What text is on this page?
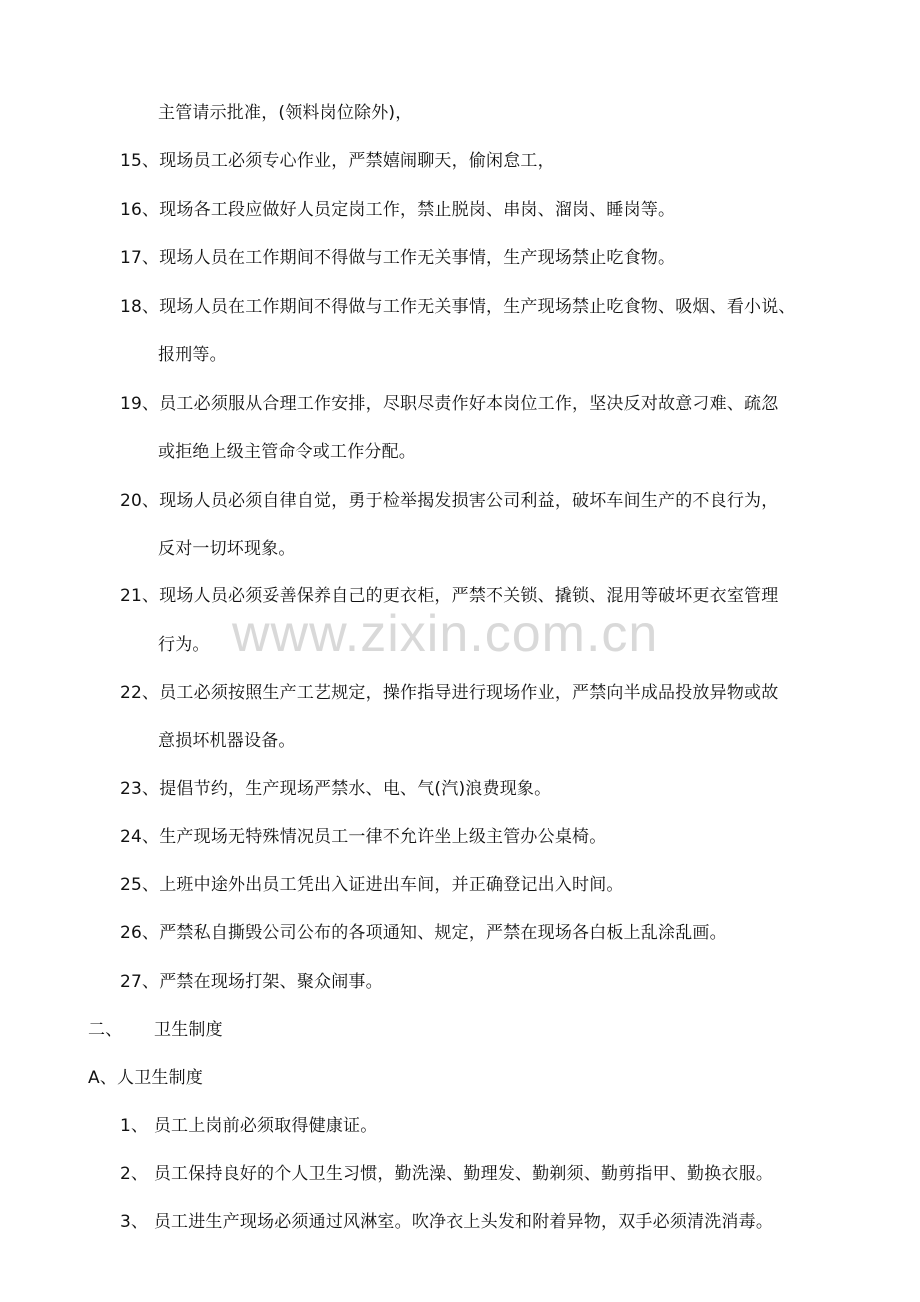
主管请示批准，(领料岗位除外)，
15、现场员工必须专心作业，严禁嬉闹聊天，偷闲怠工，
16、现场各工段应做好人员定岗工作，禁止脱岗、串岗、溜岗、睡岗等。
17、现场人员在工作期间不得做与工作无关事情，生产现场禁止吃食物。
18、现场人员在工作期间不得做与工作无关事情，生产现场禁止吃食物、吸烟、看小说、
报刑等。
19、员工必须服从合理工作安排，尽职尽责作好本岗位工作，坚决反对故意刁难、疏忽
或拒绝上级主管命令或工作分配。
20、现场人员必须自律自觉，勇于检举揭发损害公司利益，破坏车间生产的不良行为，
反对一切坏现象。
21、现场人员必须妥善保养自己的更衣柜，严禁不关锁、撬锁、混用等破坏更衣室管理
行为。
22、员工必须按照生产工艺规定，操作指导进行现场作业，严禁向半成品投放异物或故
意损坏机器设备。
23、提倡节约，生产现场严禁水、电、气(汽)浪费现象。
24、生产现场无特殊情况员工一律不允许坐上级主管办公桌椅。
25、上班中途外出员工凭出入证进出车间，并正确登记出入时间。
26、严禁私自撕毁公司公布的各项通知、规定，严禁在现场各白板上乱涂乱画。
27、严禁在现场打架、聚众闹事。
二、 卫生制度
A、人卫生制度
1、 员工上岗前必须取得健康证。
2、 员工保持良好的个人卫生习惯，勤洗澡、勤理发、勤剃须、勤剪指甲、勤换衣服。
3、 员工进生产现场必须通过风淋室。吹净衣上头发和附着异物，双手必须清洗消毒。
www.zixin.com.cn
